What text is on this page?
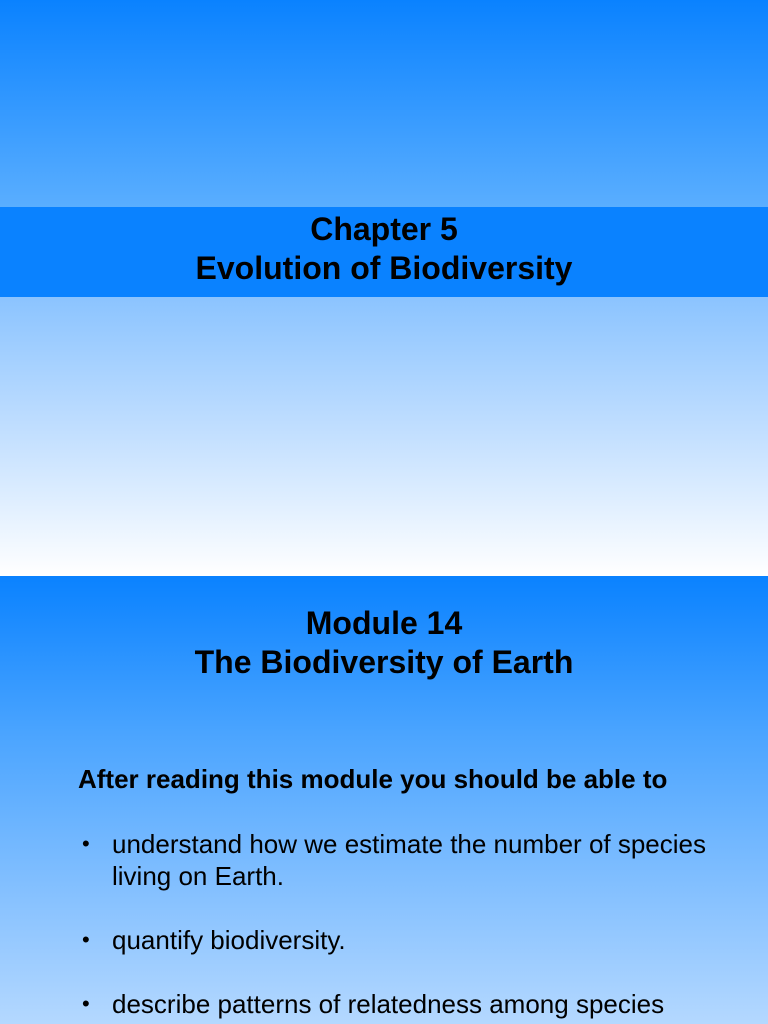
Chapter 5
Evolution of Biodiversity
Module 14
The Biodiversity of Earth

After reading this module you should be able to

• understand how we estimate the number of species living on Earth.
• quantify biodiversity.
• describe patterns of relatedness among species
